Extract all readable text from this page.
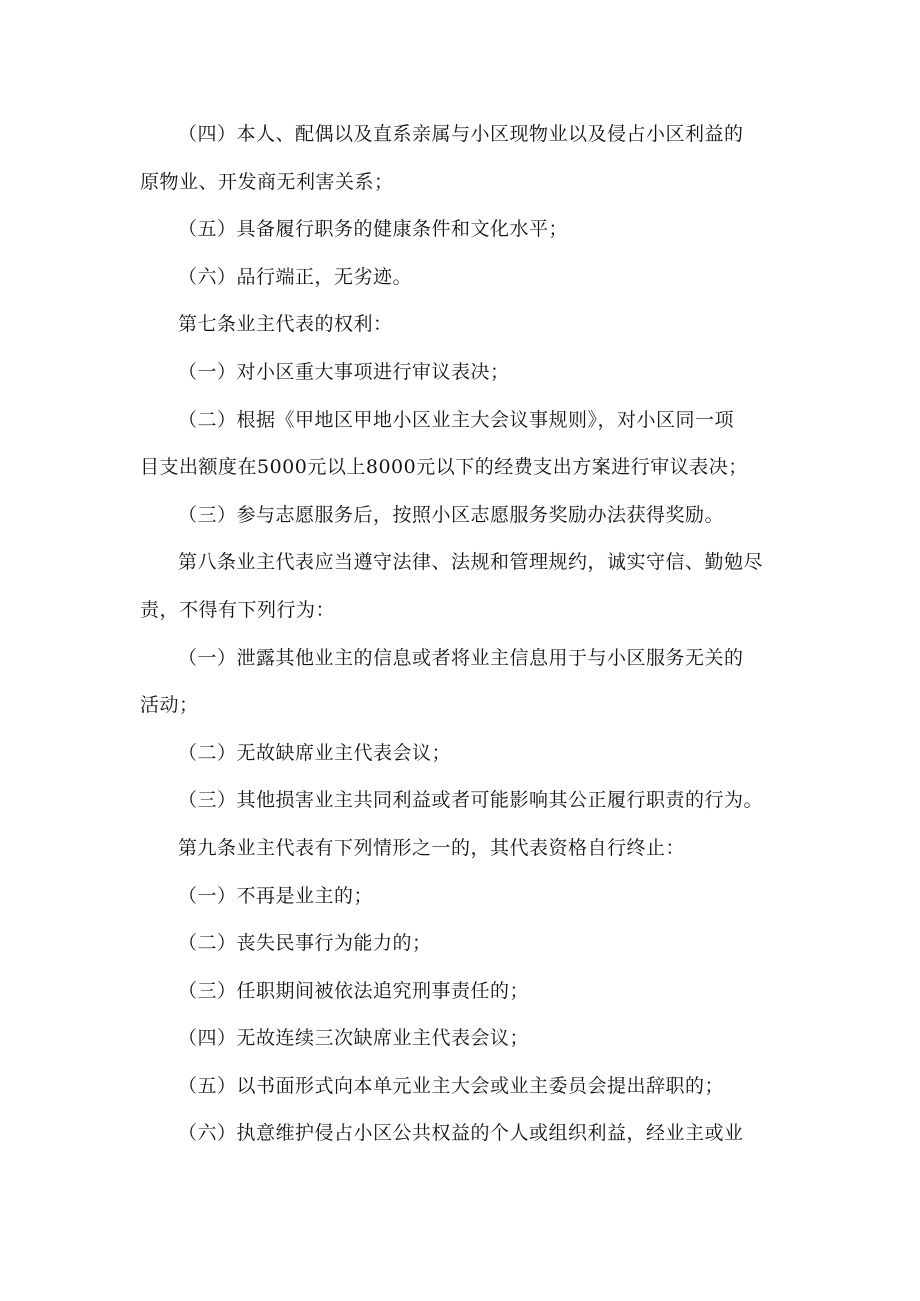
（四）本人、配偶以及直系亲属与小区现物业以及侵占小区利益的
原物业、开发商无利害关系；
（五）具备履行职务的健康条件和文化水平；
（六）品行端正，无劣迹。
第七条业主代表的权利：
（一）对小区重大事项进行审议表决；
（二）根据《甲地区甲地小区业主大会议事规则》，对小区同一项
目支出额度在5000元以上8000元以下的经费支出方案进行审议表决；
（三）参与志愿服务后，按照小区志愿服务奖励办法获得奖励。
第八条业主代表应当遵守法律、法规和管理规约，诚实守信、勤勉尽
责，不得有下列行为：
（一）泄露其他业主的信息或者将业主信息用于与小区服务无关的
活动；
（二）无故缺席业主代表会议；
（三）其他损害业主共同利益或者可能影响其公正履行职责的行为。
第九条业主代表有下列情形之一的，其代表资格自行终止：
（一）不再是业主的；
（二）丧失民事行为能力的；
（三）任职期间被依法追究刑事责任的；
（四）无故连续三次缺席业主代表会议；
（五）以书面形式向本单元业主大会或业主委员会提出辞职的；
（六）执意维护侵占小区公共权益的个人或组织利益，经业主或业
